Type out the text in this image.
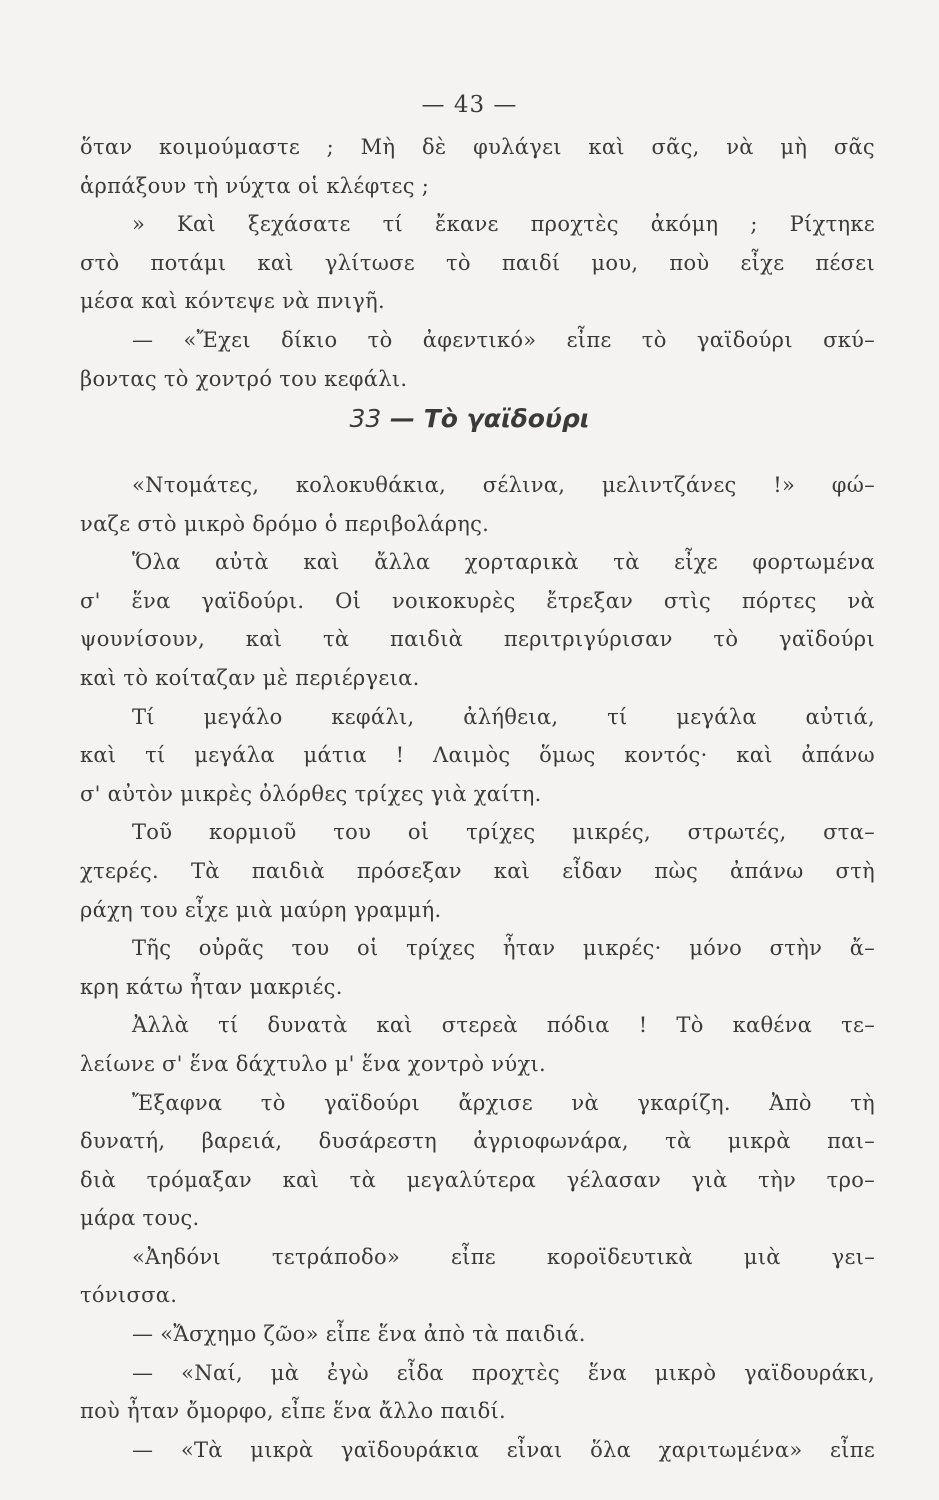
— 43 —
ὅταν κοιμούμαστε ; Μὴ δὲ φυλάγει καὶ σᾶς, νὰ μὴ σᾶς
ἁρπάξουν τὴ νύχτα οἱ κλέφτες ;
» Καὶ ξεχάσατε τί ἔκανε προχτὲς ἀκόμη ; Ρίχτηκε
στὸ ποτάμι καὶ γλίτωσε τὸ παιδί μου, ποὺ εἶχε πέσει
μέσα καὶ κόντεψε νὰ πνιγῆ.
— «Ἔχει δίκιο τὸ ἀφεντικό» εἶπε τὸ γαϊδούρι σκύ–
βοντας τὸ χοντρό του κεφάλι.
33 — Τὸ γαϊδούρι
«Ντομάτες, κολοκυθάκια, σέλινα, μελιντζάνες !» φώ–
ναζε στὸ μικρὸ δρόμο ὁ περιβολάρης.
Ὅλα αὐτὰ καὶ ἄλλα χορταρικὰ τὰ εἶχε φορτωμένα
σ' ἕνα γαϊδούρι. Οἱ νοικοκυρὲς ἔτρεξαν στὶς πόρτες νὰ
ψουνίσουν, καὶ τὰ παιδιὰ περιτριγύρισαν τὸ γαϊδούρι
καὶ τὸ κοίταζαν μὲ περιέργεια.
Τί μεγάλο κεφάλι, ἀλήθεια, τί μεγάλα αὐτιά,
καὶ τί μεγάλα μάτια ! Λαιμὸς ὅμως κοντός· καὶ ἀπάνω
σ' αὐτὸν μικρὲς ὀλόρθες τρίχες γιὰ χαίτη.
Τοῦ κορμιοῦ του οἱ τρίχες μικρές, στρωτές, στα–
χτερές. Τὰ παιδιὰ πρόσεξαν καὶ εἶδαν πὼς ἀπάνω στὴ
ράχη του εἶχε μιὰ μαύρη γραμμή.
Τῆς οὐρᾶς του οἱ τρίχες ἦταν μικρές· μόνο στὴν ἄ–
κρη κάτω ἦταν μακριές.
Ἀλλὰ τί δυνατὰ καὶ στερεὰ πόδια ! Τὸ καθένα τε–
λείωνε σ' ἕνα δάχτυλο μ' ἕνα χοντρὸ νύχι.
Ἔξαφνα τὸ γαϊδούρι ἄρχισε νὰ γκαρίζη. Ἀπὸ τὴ
δυνατή, βαρειά, δυσάρεστη ἀγριοφωνάρα, τὰ μικρὰ παι–
διὰ τρόμαξαν καὶ τὰ μεγαλύτερα γέλασαν γιὰ τὴν τρο–
μάρα τους.
«Ἀηδόνι τετράποδο» εἶπε κοροϊδευτικὰ μιὰ γει–
τόνισσα.
— «Ἄσχημο ζῶο» εἶπε ἕνα ἀπὸ τὰ παιδιά.
— «Ναί, μὰ ἐγὼ εἶδα προχτὲς ἕνα μικρὸ γαϊδουράκι,
ποὺ ἦταν ὄμορφο, εἶπε ἕνα ἄλλο παιδί.
— «Τὰ μικρὰ γαϊδουράκια εἶναι ὅλα χαριτωμένα» εἶπε
